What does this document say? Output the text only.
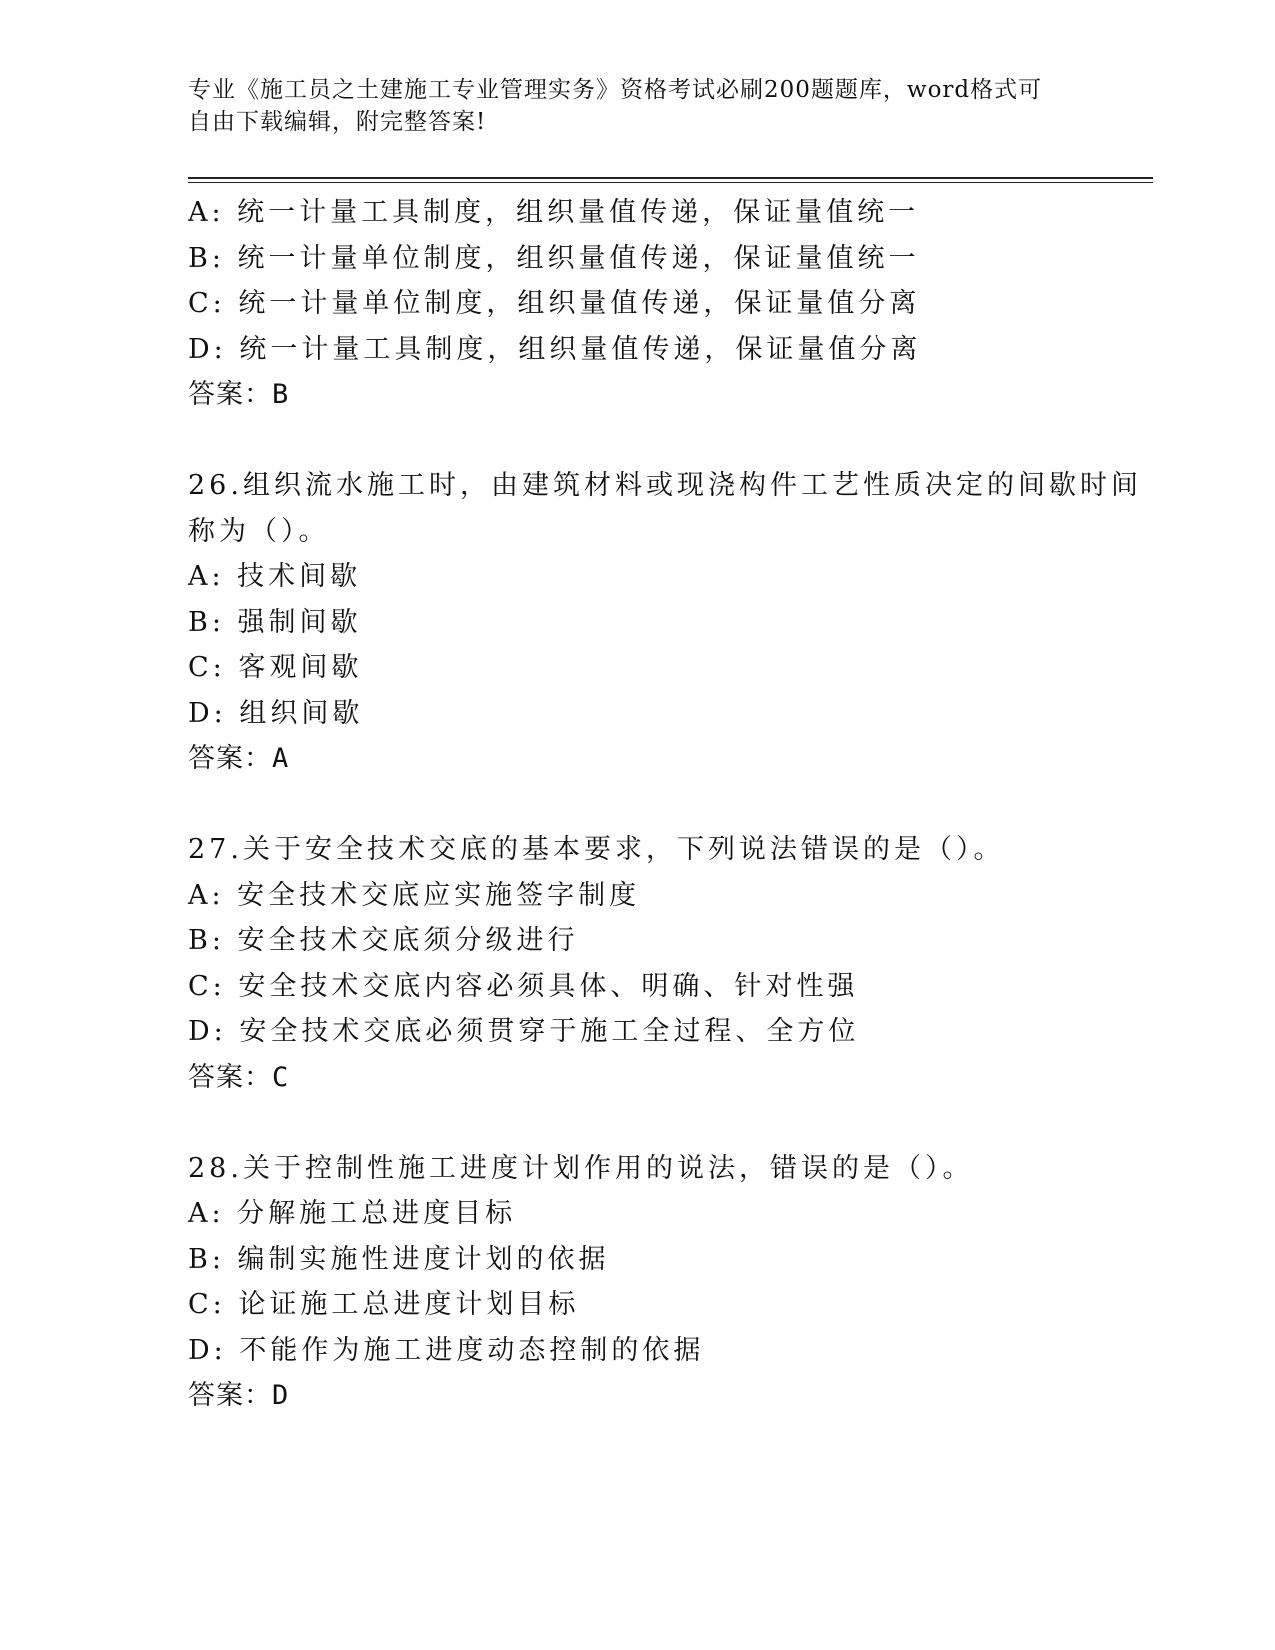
专业《施工员之土建施工专业管理实务》资格考试必刷200题题库，word格式可
自由下载编辑，附完整答案!
A: 统一计量工具制度，组织量值传递，保证量值统一
B: 统一计量单位制度，组织量值传递，保证量值统一
C: 统一计量单位制度，组织量值传递，保证量值分离
D: 统一计量工具制度，组织量值传递，保证量值分离
答案：B
26.组织流水施工时，由建筑材料或现浇构件工艺性质决定的间歇时间
称为（）。
A: 技术间歇
B: 强制间歇
C: 客观间歇
D: 组织间歇
答案：A
27.关于安全技术交底的基本要求，下列说法错误的是（）。
A: 安全技术交底应实施签字制度
B: 安全技术交底须分级进行
C: 安全技术交底内容必须具体、明确、针对性强
D: 安全技术交底必须贯穿于施工全过程、全方位
答案：C
28.关于控制性施工进度计划作用的说法，错误的是（）。
A: 分解施工总进度目标
B: 编制实施性进度计划的依据
C: 论证施工总进度计划目标
D: 不能作为施工进度动态控制的依据
答案：D
